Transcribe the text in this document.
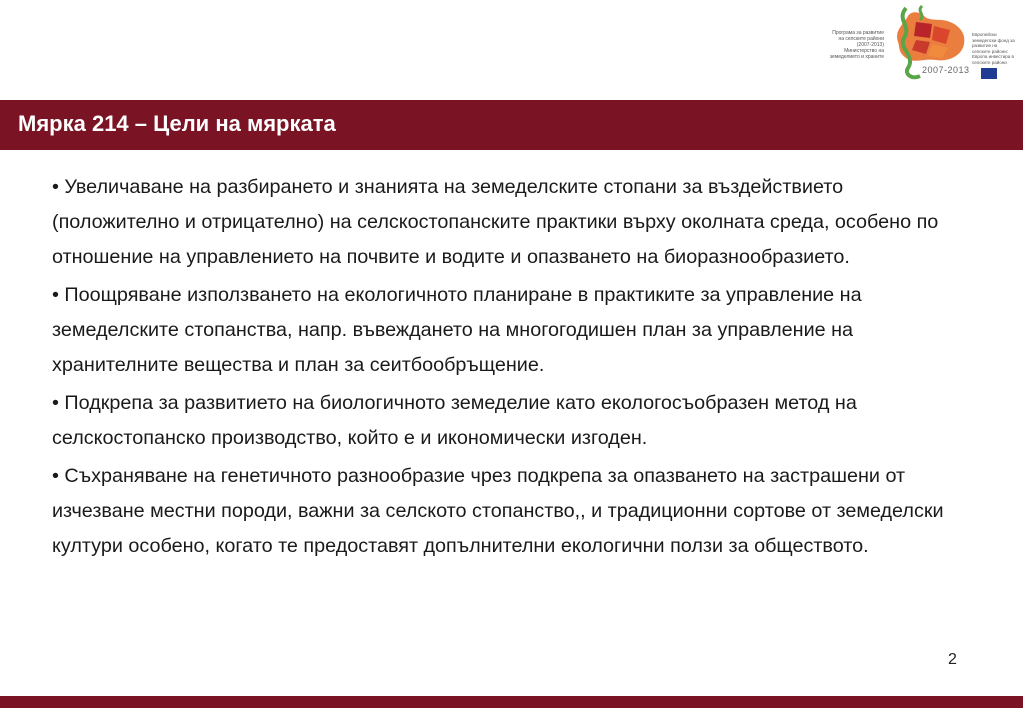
Програма за развитие на селските райони (2007-2013) Министерство на земеделието и храните
2007-2013
Европейски земеделски фонд за развитие на селските райони: Европа инвестира в селските райони
Мярка 214 – Цели на мярката

• Увеличаване на разбирането и знанията на земеделските стопани за въздействието (положително и отрицателно) на селскостопанските практики върху околната среда, особено по отношение на управлението на почвите и водите и опазването на биоразнообразието.

• Поощряване използването на екологичното планиране в практиките за управление на земеделските стопанства, напр. въвеждането на многогодишен план за управление на хранителните вещества и план за сеитбообръщение.

• Подкрепа за развитието на биологичното земеделие като екологосъобразен метод на селскостопанско производство, който е и икономически изгоден.

• Съхраняване на генетичното разнообразие чрез подкрепа за опазването на застрашени от изчезване местни породи, важни за селското стопанство,, и традиционни сортове от земеделски култури особено, когато те предоставят допълнителни екологични ползи за обществото.

2
